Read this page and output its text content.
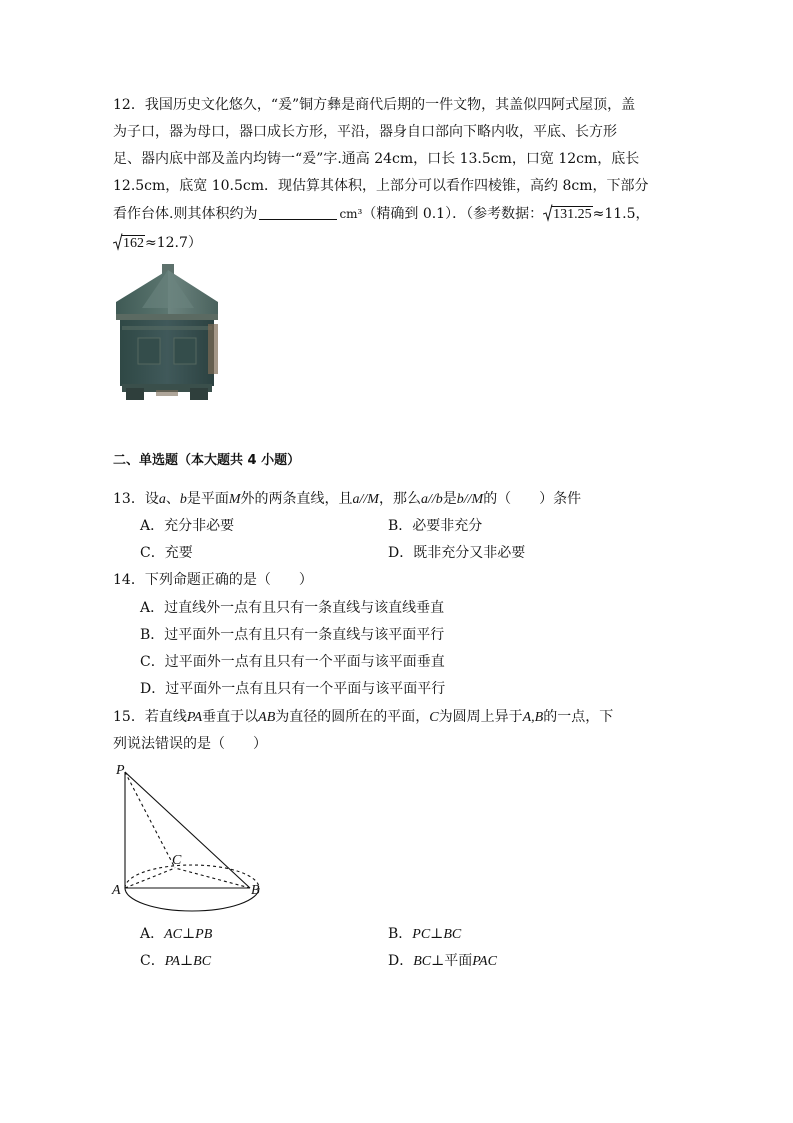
12．我国历史文化悠久，“爰”铜方彝是商代后期的一件文物，其盖似四阿式屋顶，盖
为子口，器为母口，器口成长方形，平沿，器身自口部向下略内收，平底、长方形
足、器内底中部及盖内均铸一“爰”字.通高 24cm，口长 13.5cm，口宽 12cm，底长
12.5cm，底宽 10.5cm．现估算其体积，上部分可以看作四棱锥，高约 8cm，下部分
看作台体.则其体积约为	cm³（精确到 0.1）．（参考数据： 131.25≈11.5，
162≈12.7）
二、单选题（本大题共 4 小题）
13．设a、b是平面M外的两条直线，且a//M，那么a//b是b//M的（　　）条件
A．充分非必要	B．必要非充分
C．充要	D．既非充分又非必要
14．下列命题正确的是（　　）
A．过直线外一点有且只有一条直线与该直线垂直
B．过平面外一点有且只有一条直线与该平面平行
C．过平面外一点有且只有一个平面与该平面垂直
D．过平面外一点有且只有一个平面与该平面平行
15．若直线PA垂直于以AB为直径的圆所在的平面，C为圆周上异于A,B的一点，下
列说法错误的是（　　）
P
A	B
C
A．AC⊥PB	B．PC⊥BC
C．PA⊥BC	D．BC⊥平面PAC
